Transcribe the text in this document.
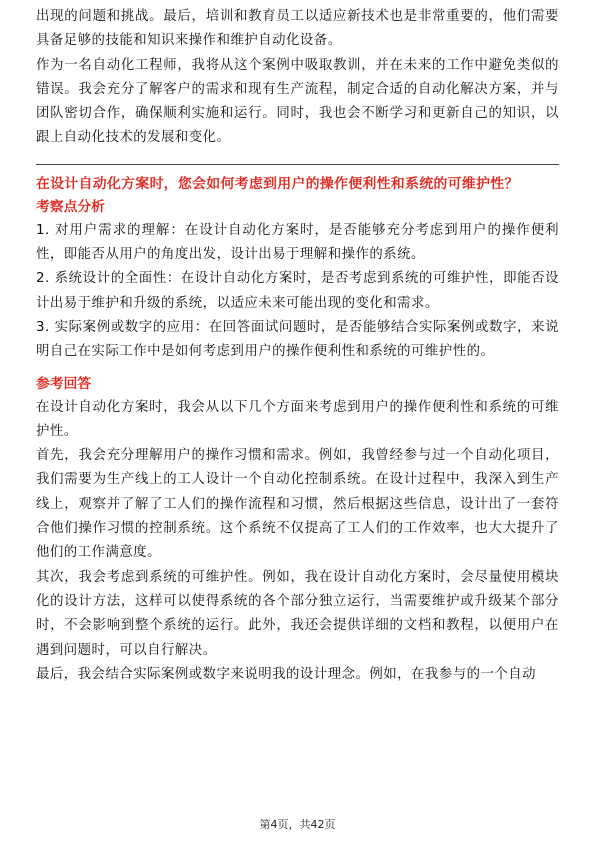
出现的问题和挑战。最后，培训和教育员工以适应新技术也是非常重要的，他们需要具备足够的技能和知识来操作和维护自动化设备。

作为一名自动化工程师，我将从这个案例中吸取教训，并在未来的工作中避免类似的错误。我会充分了解客户的需求和现有生产流程，制定合适的自动化解决方案，并与团队密切合作，确保顺利实施和运行。同时，我也会不断学习和更新自己的知识，以跟上自动化技术的发展和变化。

在设计自动化方案时，您会如何考虑到用户的操作便利性和系统的可维护性？

考察点分析

1. 对用户需求的理解：在设计自动化方案时，是否能够充分考虑到用户的操作便利性，即能否从用户的角度出发，设计出易于理解和操作的系统。

2. 系统设计的全面性：在设计自动化方案时，是否考虑到系统的可维护性，即能否设计出易于维护和升级的系统，以适应未来可能出现的变化和需求。

3. 实际案例或数字的应用：在回答面试问题时，是否能够结合实际案例或数字，来说明自己在实际工作中是如何考虑到用户的操作便利性和系统的可维护性的。

参考回答

在设计自动化方案时，我会从以下几个方面来考虑到用户的操作便利性和系统的可维护性。

首先，我会充分理解用户的操作习惯和需求。例如，我曾经参与过一个自动化项目，我们需要为生产线上的工人设计一个自动化控制系统。在设计过程中，我深入到生产线上，观察并了解了工人们的操作流程和习惯，然后根据这些信息，设计出了一套符合他们操作习惯的控制系统。这个系统不仅提高了工人们的工作效率，也大大提升了他们的工作满意度。

其次，我会考虑到系统的可维护性。例如，我在设计自动化方案时，会尽量使用模块化的设计方法，这样可以使得系统的各个部分独立运行，当需要维护或升级某个部分时，不会影响到整个系统的运行。此外，我还会提供详细的文档和教程，以便用户在遇到问题时，可以自行解决。

最后，我会结合实际案例或数字来说明我的设计理念。例如，在我参与的一个自动

第4页，共42页
